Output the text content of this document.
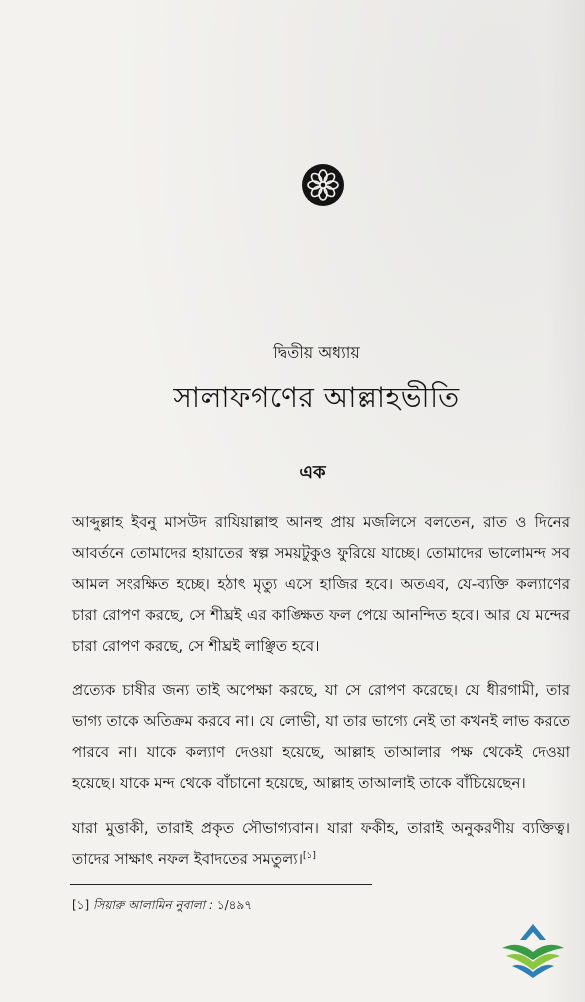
দ্বিতীয় অধ্যায়
সালাফগণের আল্লাহভীতি
এক

আব্দুল্লাহ ইবনু মাসউদ রাযিয়াল্লাহু আনহু প্রায় মজলিসে বলতেন, রাত ও দিনের আবর্তনে তোমাদের হায়াতের স্বল্প সময়টুকুও ফুরিয়ে যাচ্ছে। তোমাদের ভালোমন্দ সব আমল সংরক্ষিত হচ্ছে। হঠাৎ মৃত্যু এসে হাজির হবে। অতএব, যে-ব্যক্তি কল্যাণের চারা রোপণ করছে, সে শীঘ্রই এর কাঙ্ক্ষিত ফল পেয়ে আনন্দিত হবে। আর যে মন্দের চারা রোপণ করছে, সে শীঘ্রই লাঞ্ছিত হবে।

প্রত্যেক চাষীর জন্য তাই অপেক্ষা করছে, যা সে রোপণ করেছে। যে ধীরগামী, তার ভাগ্য তাকে অতিক্রম করবে না। যে লোভী, যা তার ভাগ্যে নেই তা কখনই লাভ করতে পারবে না। যাকে কল্যাণ দেওয়া হয়েছে, আল্লাহ তাআলার পক্ষ থেকেই দেওয়া হয়েছে। যাকে মন্দ থেকে বাঁচানো হয়েছে, আল্লাহ তাআলাই তাকে বাঁচিয়েছেন।

যারা মুত্তাকী, তারাই প্রকৃত সৌভাগ্যবান। যারা ফকীহ, তারাই অনুকরণীয় ব্যক্তিত্ব। তাদের সাক্ষাৎ নফল ইবাদতের সমতুল্য।[১]

[১] সিয়ারু আলামিন নুবালা : ১/৪৯৭
